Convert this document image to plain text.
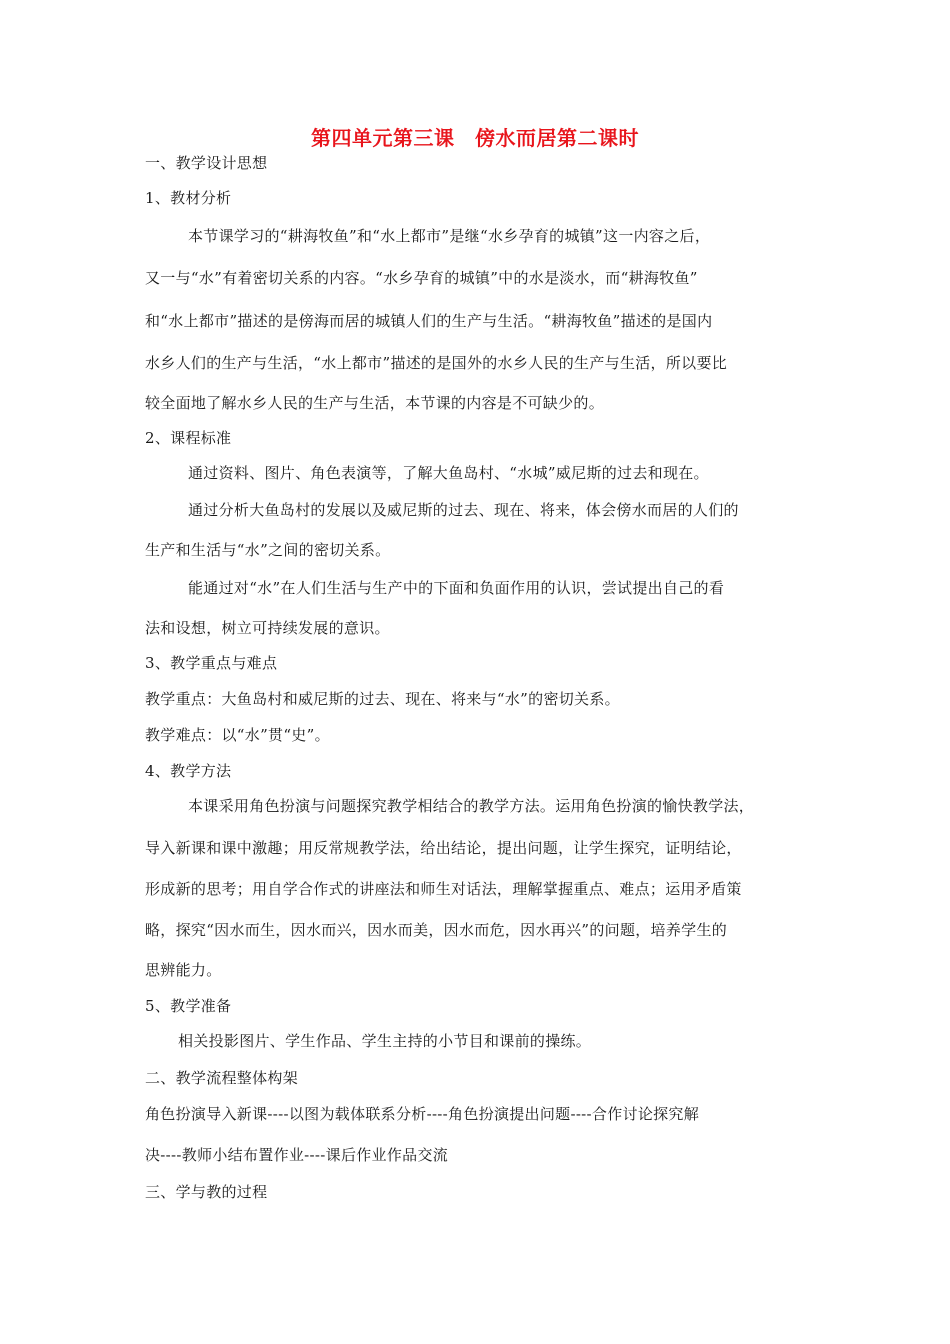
第四单元第三课　傍水而居第二课时
一、教学设计思想
1、教材分析
本节课学习的“耕海牧鱼”和“水上都市”是继“水乡孕育的城镇”这一内容之后，
又一与“水”有着密切关系的内容。“水乡孕育的城镇”中的水是淡水，而“耕海牧鱼”
和“水上都市”描述的是傍海而居的城镇人们的生产与生活。“耕海牧鱼”描述的是国内
水乡人们的生产与生活，“水上都市”描述的是国外的水乡人民的生产与生活，所以要比
较全面地了解水乡人民的生产与生活，本节课的内容是不可缺少的。
2、课程标准
通过资料、图片、角色表演等，了解大鱼岛村、“水城”威尼斯的过去和现在。
通过分析大鱼岛村的发展以及威尼斯的过去、现在、将来，体会傍水而居的人们的
生产和生活与“水”之间的密切关系。
能通过对“水”在人们生活与生产中的下面和负面作用的认识，尝试提出自己的看
法和设想，树立可持续发展的意识。
3、教学重点与难点
教学重点：大鱼岛村和威尼斯的过去、现在、将来与“水”的密切关系。
教学难点：以“水”贯“史”。
4、教学方法
本课采用角色扮演与问题探究教学相结合的教学方法。运用角色扮演的愉快教学法，
导入新课和课中激趣；用反常规教学法，给出结论，提出问题，让学生探究，证明结论，
形成新的思考；用自学合作式的讲座法和师生对话法，理解掌握重点、难点；运用矛盾策
略，探究“因水而生，因水而兴，因水而美，因水而危，因水再兴”的问题，培养学生的
思辨能力。
5、教学准备
相关投影图片、学生作品、学生主持的小节目和课前的操练。
二、教学流程整体构架
角色扮演导入新课----以图为载体联系分析----角色扮演提出问题----合作讨论探究解
决----教师小结布置作业----课后作业作品交流
三、学与教的过程
